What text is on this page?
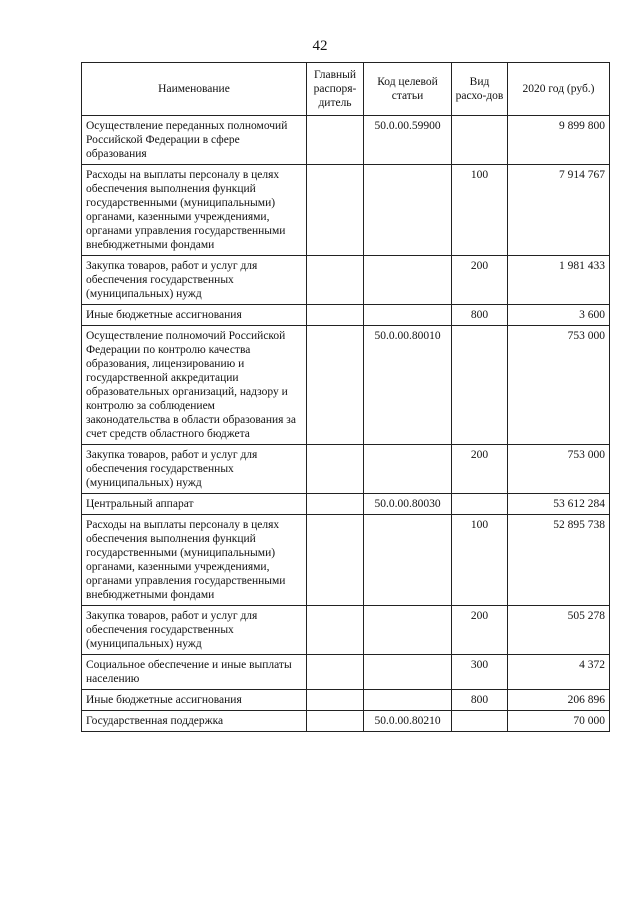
42
Наименование	Главный распоря-дитель	Код целевой статьи	Вид расхо-дов	2020 год (руб.)
Осуществление переданных полномочий Российской Федерации в сфере образования		50.0.00.59900		9 899 800
Расходы на выплаты персоналу в целях обеспечения выполнения функций государственными (муниципальными) органами, казенными учреждениями, органами управления государственными внебюджетными фондами			100	7 914 767
Закупка товаров, работ и услуг для обеспечения государственных (муниципальных) нужд			200	1 981 433
Иные бюджетные ассигнования			800	3 600
Осуществление полномочий Российской Федерации по контролю качества образования, лицензированию и государственной аккредитации образовательных организаций, надзору и контролю за соблюдением законодательства в области образования за счет средств областного бюджета		50.0.00.80010		753 000
Закупка товаров, работ и услуг для обеспечения государственных (муниципальных) нужд			200	753 000
Центральный аппарат		50.0.00.80030		53 612 284
Расходы на выплаты персоналу в целях обеспечения выполнения функций государственными (муниципальными) органами, казенными учреждениями, органами управления государственными внебюджетными фондами			100	52 895 738
Закупка товаров, работ и услуг для обеспечения государственных (муниципальных) нужд			200	505 278
Социальное обеспечение и иные выплаты населению			300	4 372
Иные бюджетные ассигнования			800	206 896
Государственная поддержка		50.0.00.80210		70 000
